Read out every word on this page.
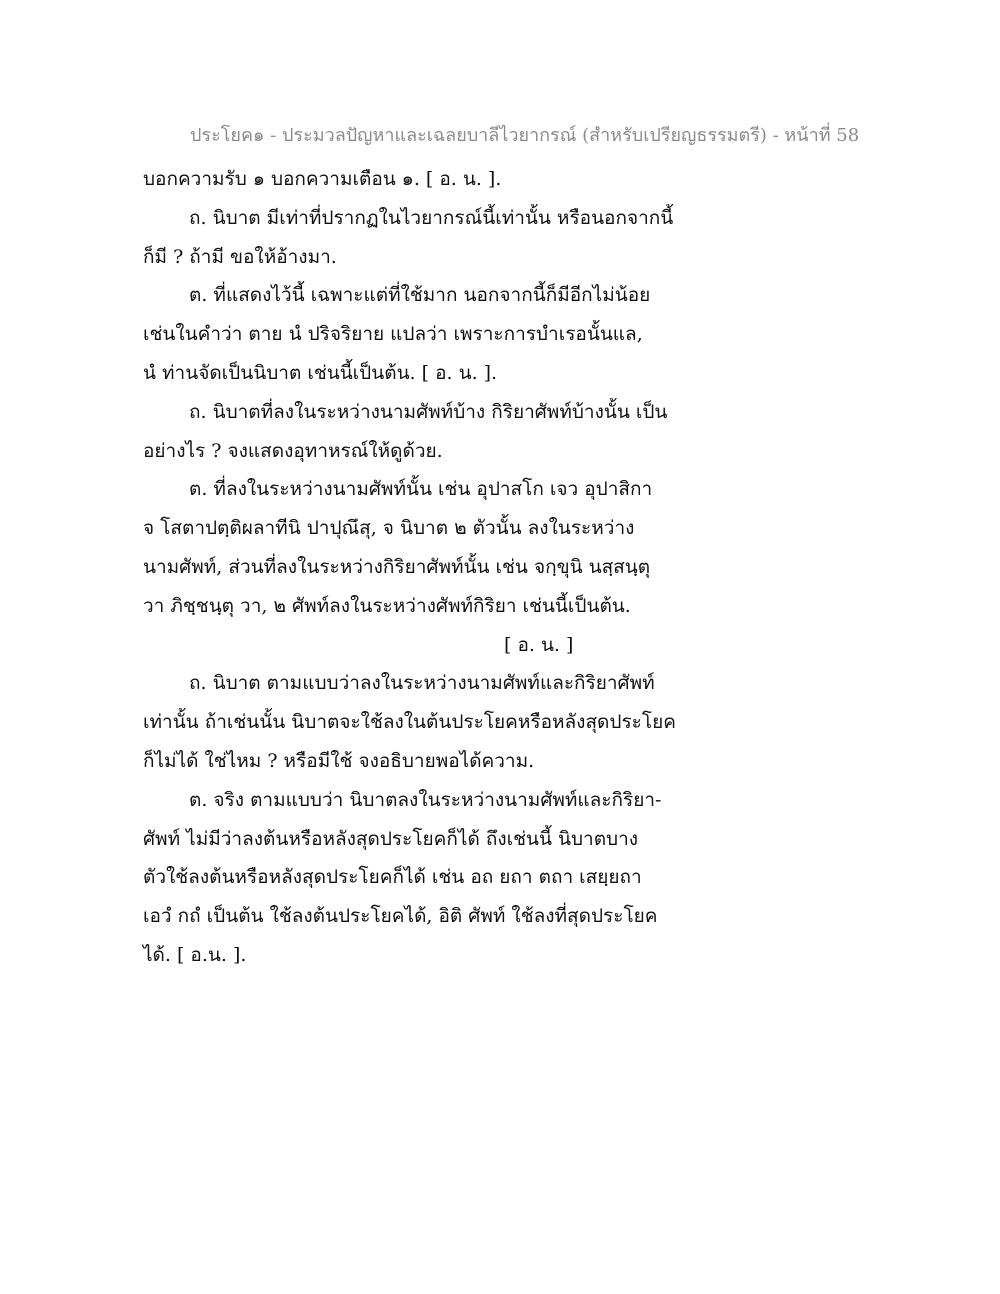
ประโยค๑ - ประมวลปัญหาและเฉลยบาลีไวยากรณ์ (สำหรับเปรียญธรรมตรี) - หน้าที่ 58
บอกความรับ ๑ บอกความเตือน ๑. [ อ. น. ].
ถ. นิบาต มีเท่าที่ปรากฏในไวยากรณ์นี้เท่านั้น หรือนอกจากนี้
ก็มี ? ถ้ามี ขอให้อ้างมา.
ต. ที่แสดงไว้นี้ เฉพาะแต่ที่ใช้มาก นอกจากนี้ก็มีอีกไม่น้อย
เช่นในคำว่า ตาย นํ ปริจริยาย แปลว่า เพราะการบำเรอนั้นแล,
นํ ท่านจัดเป็นนิบาต เช่นนี้เป็นต้น. [ อ. น. ].
ถ. นิบาตที่ลงในระหว่างนามศัพท์บ้าง กิริยาศัพท์บ้างนั้น เป็น
อย่างไร ? จงแสดงอุทาหรณ์ให้ดูด้วย.
ต. ที่ลงในระหว่างนามศัพท์นั้น เช่น อุปาสโก เจว อุปาสิกา
จ โสตาปตฺติผลาทีนิ ปาปุณึสุ, จ นิบาต ๒ ตัวนั้น ลงในระหว่าง
นามศัพท์, ส่วนที่ลงในระหว่างกิริยาศัพท์นั้น เช่น จกฺขุนิ นสฺสนฺตุ
วา ภิชฺชนฺตุ วา, ๒ ศัพท์ลงในระหว่างศัพท์กิริยา เช่นนี้เป็นต้น.
[ อ. น. ]
ถ. นิบาต ตามแบบว่าลงในระหว่างนามศัพท์และกิริยาศัพท์
เท่านั้น ถ้าเช่นนั้น นิบาตจะใช้ลงในต้นประโยคหรือหลังสุดประโยค
ก็ไม่ได้ ใช่ไหม ? หรือมีใช้ จงอธิบายพอได้ความ.
ต. จริง ตามแบบว่า นิบาตลงในระหว่างนามศัพท์และกิริยา-
ศัพท์ ไม่มีว่าลงต้นหรือหลังสุดประโยคก็ได้ ถึงเช่นนี้ นิบาตบาง
ตัวใช้ลงต้นหรือหลังสุดประโยคก็ได้ เช่น อถ ยถา ตถา เสยฺยถา
เอวํ กถํ เป็นต้น ใช้ลงต้นประโยคได้, อิติ ศัพท์ ใช้ลงที่สุดประโยค
ได้. [ อ.น. ].
